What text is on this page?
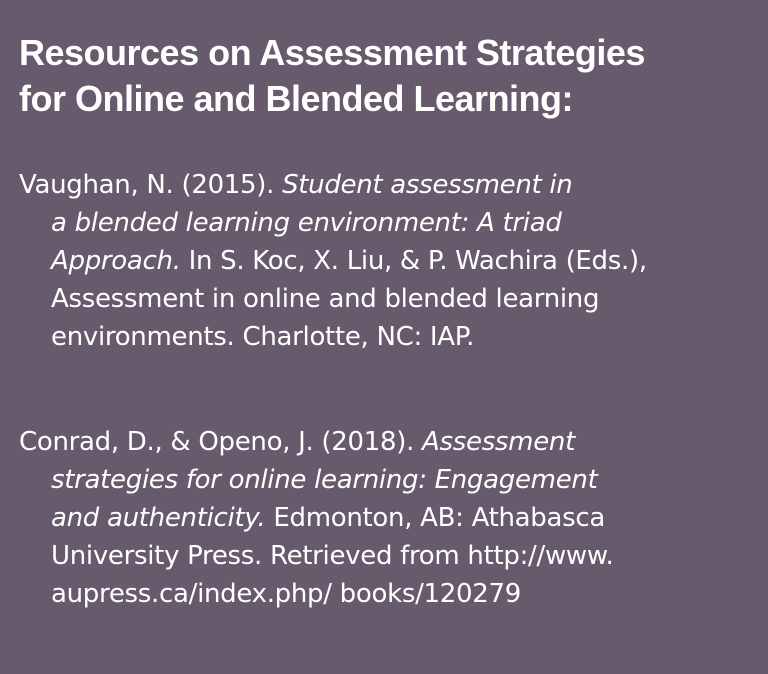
Resources on Assessment Strategies
for Online and Blended Learning:
Vaughan, N. (2015). Student assessment in
a blended learning environment: A triad
Approach. In S. Koc, X. Liu, & P. Wachira (Eds.),
Assessment in online and blended learning
environments. Charlotte, NC: IAP.
Conrad, D., & Openo, J. (2018). Assessment
strategies for online learning: Engagement
and authenticity. Edmonton, AB: Athabasca
University Press. Retrieved from http://www.
aupress.ca/index.php/ books/120279
